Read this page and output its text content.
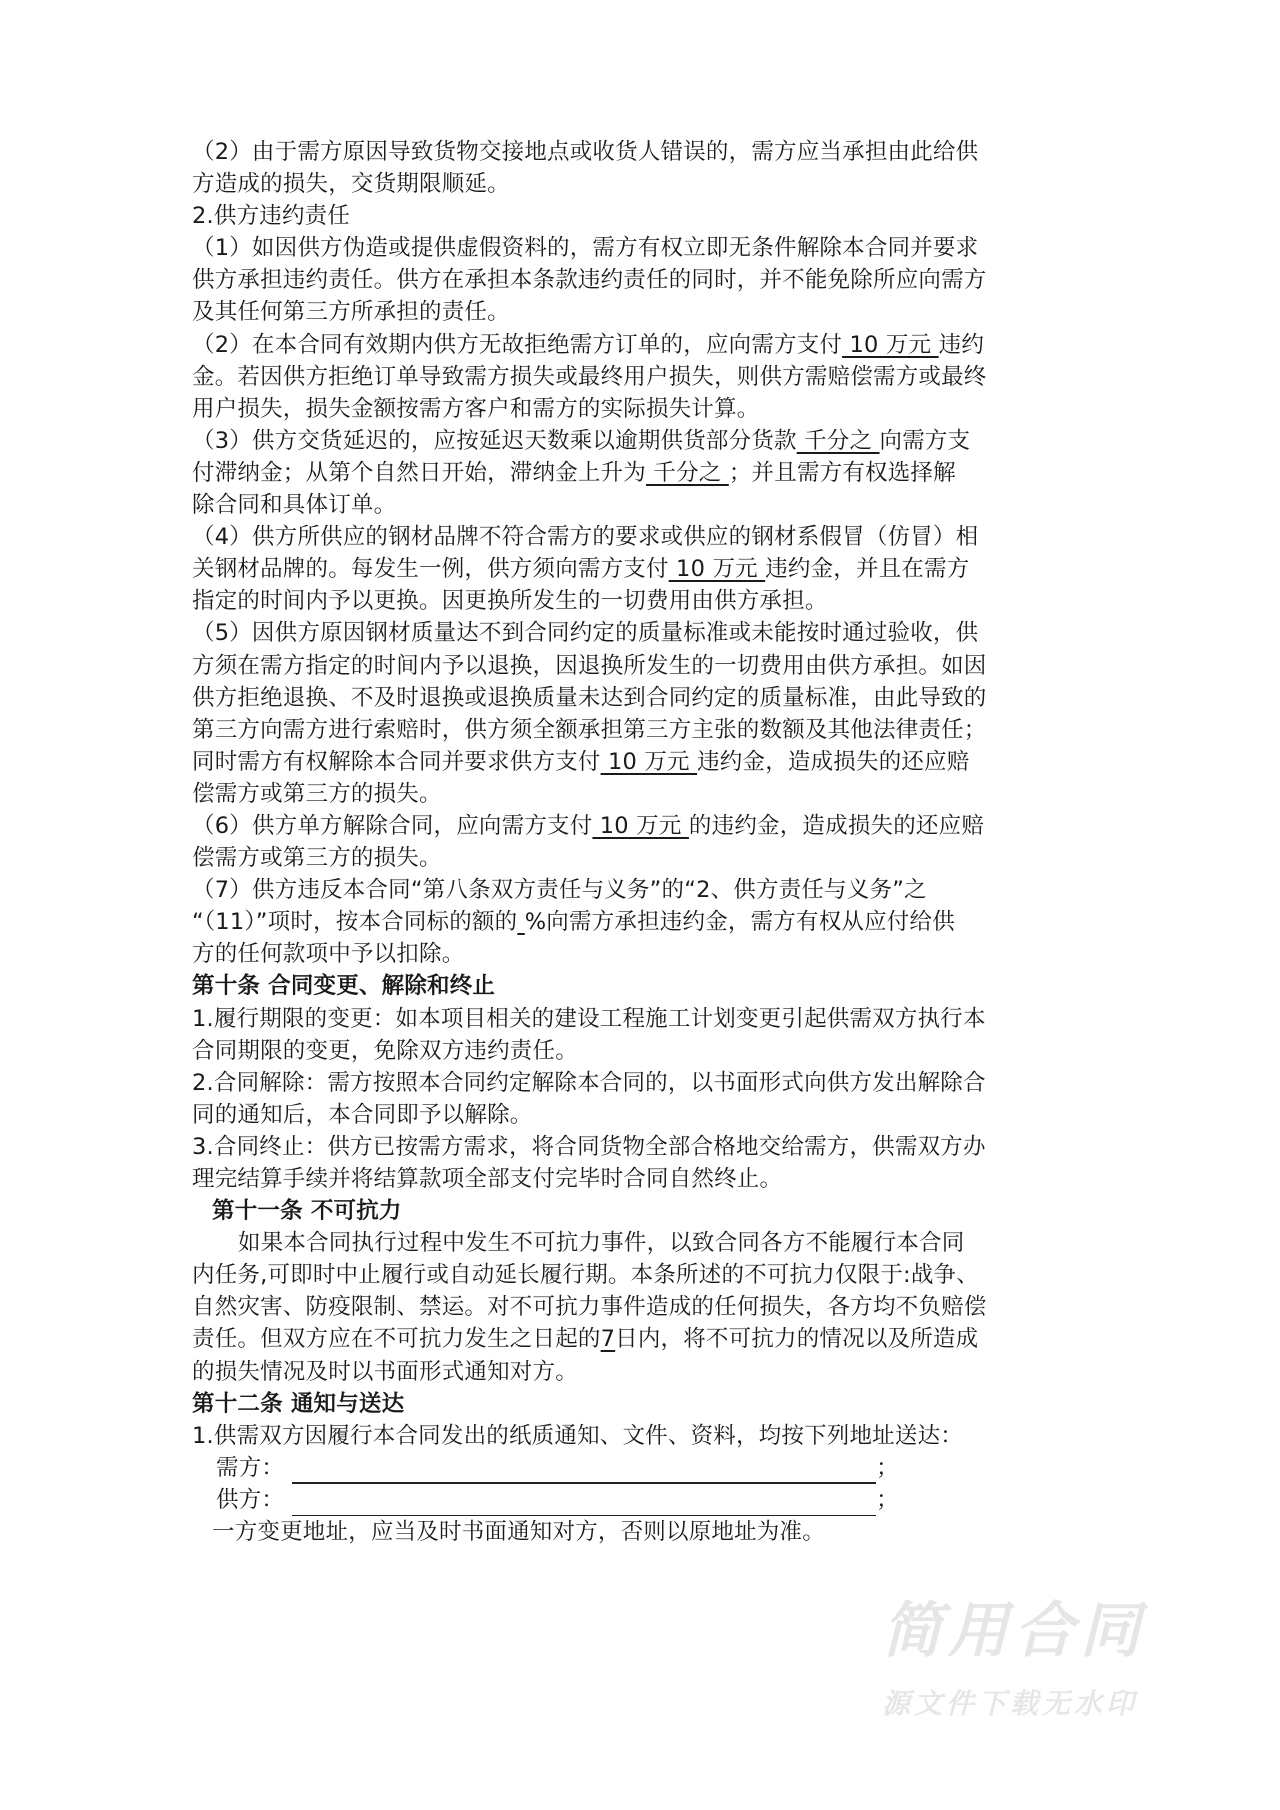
（2）由于需方原因导致货物交接地点或收货人错误的，需方应当承担由此给供
方造成的损失，交货期限顺延。
2.供方违约责任
（1）如因供方伪造或提供虚假资料的，需方有权立即无条件解除本合同并要求
供方承担违约责任。供方在承担本条款违约责任的同时，并不能免除所应向需方
及其任何第三方所承担的责任。
（2）在本合同有效期内供方无故拒绝需方订单的，应向需方支付 10 万元 违约
金。若因供方拒绝订单导致需方损失或最终用户损失，则供方需赔偿需方或最终
用户损失，损失金额按需方客户和需方的实际损失计算。
（3）供方交货延迟的，应按延迟天数乘以逾期供货部分货款 千分之 向需方支
付滞纳金；从第个自然日开始，滞纳金上升为 千分之 ；并且需方有权选择解
除合同和具体订单。
（4）供方所供应的钢材品牌不符合需方的要求或供应的钢材系假冒（仿冒）相
关钢材品牌的。每发生一例，供方须向需方支付 10 万元 违约金，并且在需方
指定的时间内予以更换。因更换所发生的一切费用由供方承担。
（5）因供方原因钢材质量达不到合同约定的质量标准或未能按时通过验收，供
方须在需方指定的时间内予以退换，因退换所发生的一切费用由供方承担。如因
供方拒绝退换、不及时退换或退换质量未达到合同约定的质量标准，由此导致的
第三方向需方进行索赔时，供方须全额承担第三方主张的数额及其他法律责任；
同时需方有权解除本合同并要求供方支付 10 万元 违约金，造成损失的还应赔
偿需方或第三方的损失。
（6）供方单方解除合同，应向需方支付 10 万元 的违约金，造成损失的还应赔
偿需方或第三方的损失。
（7）供方违反本合同“第八条双方责任与义务”的“2、供方责任与义务”之
“（11）”项时，按本合同标的额的 %向需方承担违约金，需方有权从应付给供
方的任何款项中予以扣除。
第十条 合同变更、解除和终止
1.履行期限的变更：如本项目相关的建设工程施工计划变更引起供需双方执行本
合同期限的变更，免除双方违约责任。
2.合同解除：需方按照本合同约定解除本合同的，以书面形式向供方发出解除合
同的通知后，本合同即予以解除。
3.合同终止：供方已按需方需求，将合同货物全部合格地交给需方，供需双方办
理完结算手续并将结算款项全部支付完毕时合同自然终止。
第十一条 不可抗力
如果本合同执行过程中发生不可抗力事件，以致合同各方不能履行本合同
内任务,可即时中止履行或自动延长履行期。本条所述的不可抗力仅限于:战争、
自然灾害、防疫限制、禁运。对不可抗力事件造成的任何损失，各方均不负赔偿
责任。但双方应在不可抗力发生之日起的7日内，将不可抗力的情况以及所造成
的损失情况及时以书面形式通知对方。
第十二条 通知与送达
1.供需双方因履行本合同发出的纸质通知、文件、资料，均按下列地址送达：
需方：	；
供方：	；
一方变更地址，应当及时书面通知对方，否则以原地址为准。
简用合同
源文件下载无水印
